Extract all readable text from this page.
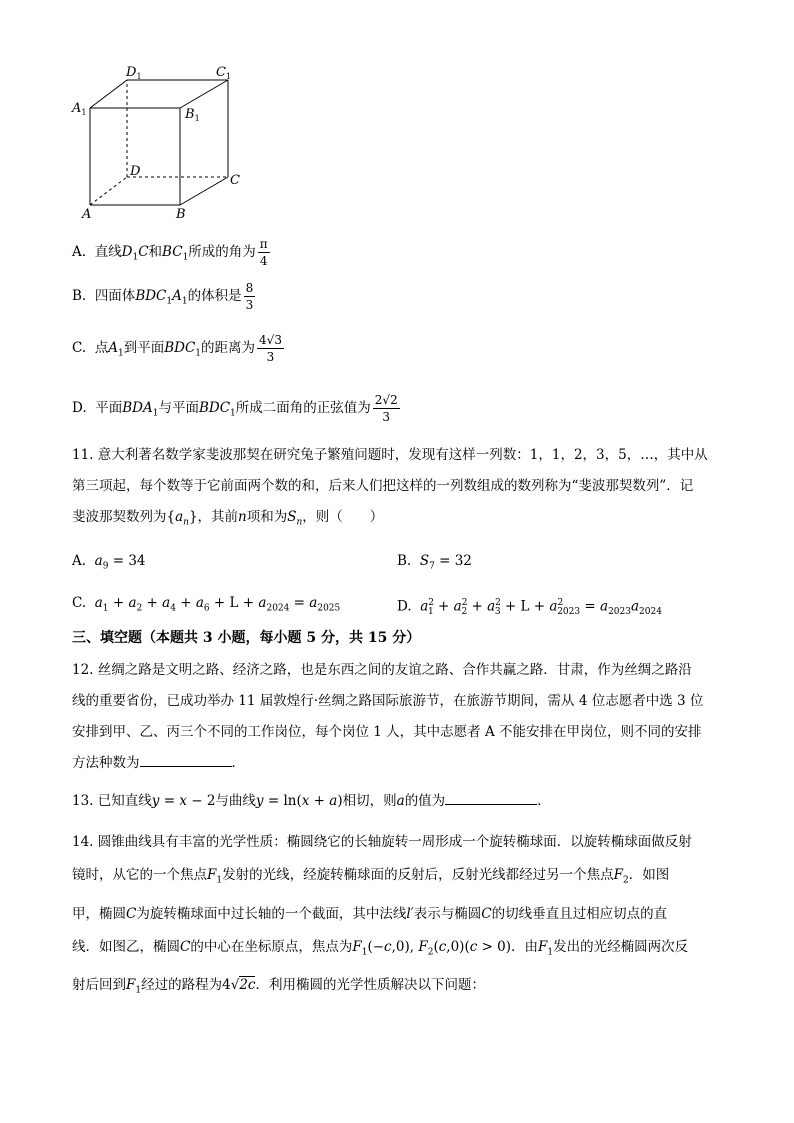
$D_1$	$C_1$
$A_1$	$B_1$
D
C
A	B
A. 直线$D_1C$和$BC_1$所成的角为 $\frac{\pi}{4}$
B. 四面体$BDC_1A_1$的体积是 $\frac{8}{3}$
C. 点$A_1$到平面$BDC_1$的距离为 $\frac{4√3}{3}$
D. 平面$BDA_1$与平面$BDC_1$所成二面角的正弦值为 $\frac{2√2}{3}$
11. 意大利著名数学家斐波那契在研究兔子繁殖问题时，发现有这样一列数：1，1，2，3，5，…，其中从
第三项起，每个数等于它前面两个数的和，后来人们把这样的一列数组成的数列称为“斐波那契数列”．记
斐波那契数列为$\{a_n\}$，其前n项和为$S_n$，则（　　）
A. $a_9 = 34$	B. $S_7 = 32$
C. $a_1 + a_2 + a_4 + a_6 + L + a_{2024} = a_{2025}$	D. $a^2_1 + a^2_2 + a^2_3 + L + a^2_{2023} = a_{2023}a_{2024}$
三、填空题（本题共 3 小题，每小题 5 分，共 15 分）
12. 丝绸之路是文明之路、经济之路，也是东西之间的友谊之路、合作共赢之路．甘肃，作为丝绸之路沿
线的重要省份，已成功举办 11 届敦煌行·丝绸之路国际旅游节，在旅游节期间，需从 4 位志愿者中选 3 位
安排到甲、乙、丙三个不同的工作岗位，每个岗位 1 人，其中志愿者 A 不能安排在甲岗位，则不同的安排
方法种数为	．
13. 已知直线y = x − 2与曲线y = ln(x + a)相切，则a的值为	．
14. 圆锥曲线具有丰富的光学性质：椭圆绕它的长轴旋转一周形成一个旋转椭球面．以旋转椭球面做反射
镜时，从它的一个焦点$F_1$发射的光线，经旋转椭球面的反射后，反射光线都经过另一个焦点$F_2$．如图
甲，椭圆C为旋转椭球面中过长轴的一个截面，其中法线l′表示与椭圆C的切线垂直且过相应切点的直
线．如图乙，椭圆C的中心在坐标原点，焦点为$F_1(-c,0)$, $F_2(c,0)(c > 0)$．由$F_1$发出的光经椭圆两次反
射后回到$F_1$经过的路程为4√2c．利用椭圆的光学性质解决以下问题：
